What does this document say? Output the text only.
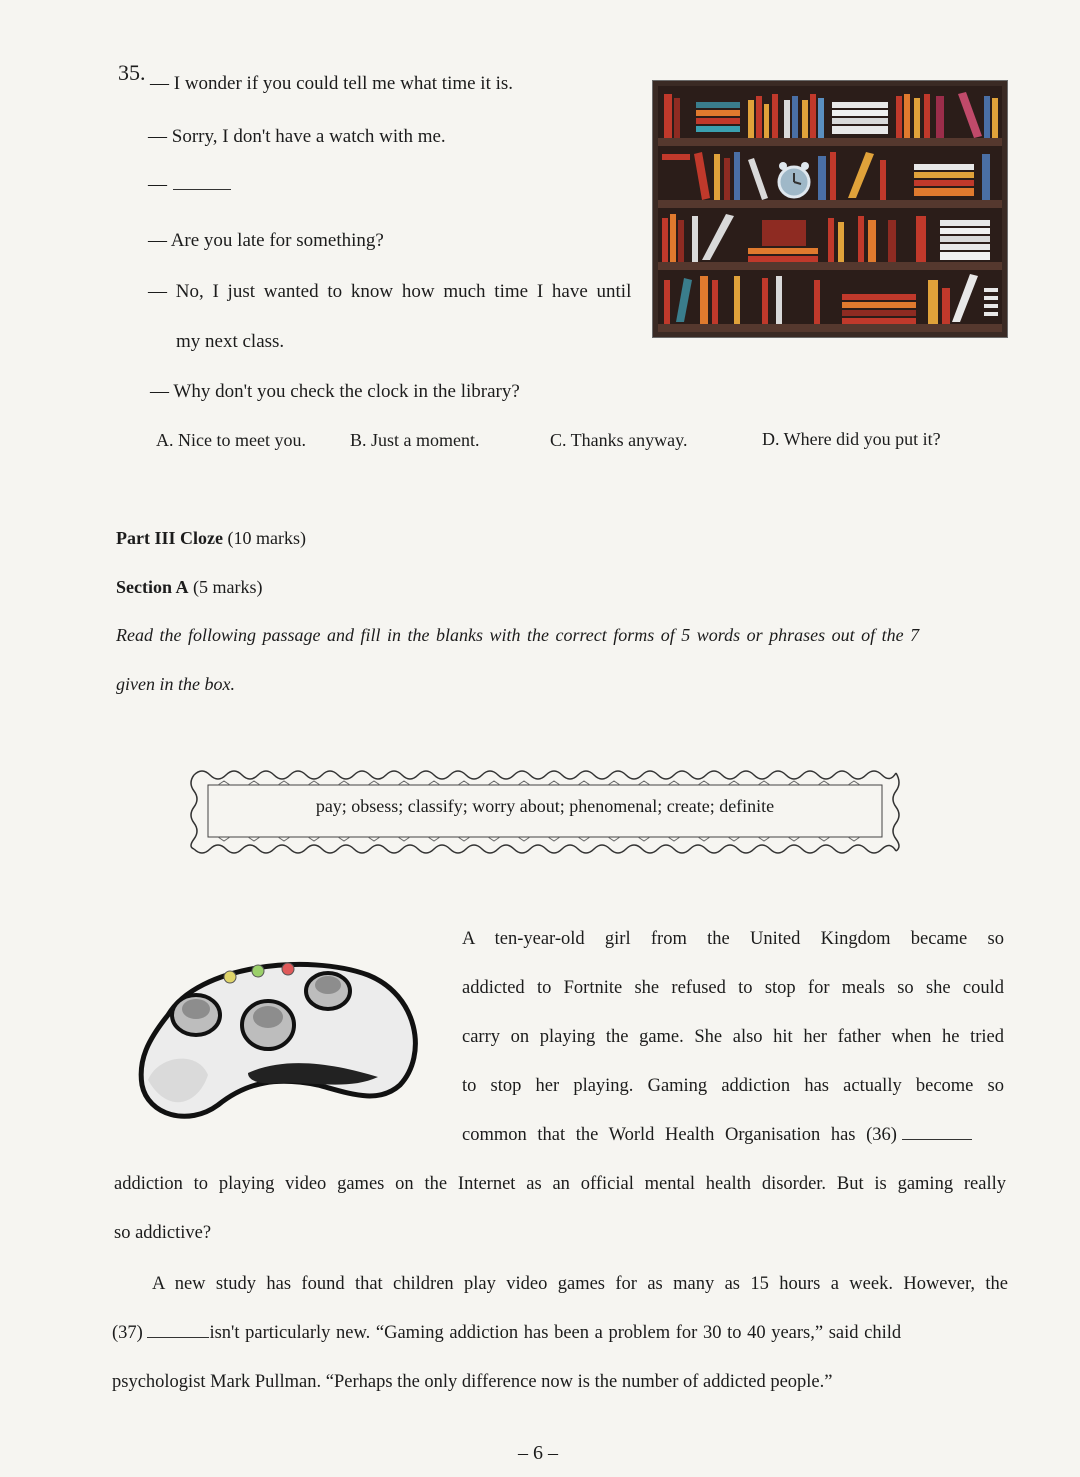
35. — I wonder if you could tell me what time it is.
— Sorry, I don't have a watch with me.
—
— Are you late for something?
— No, I just wanted to know how much time I have until
my next class.
— Why don't you check the clock in the library?
A. Nice to meet you. B. Just a moment.	C. Thanks anyway.	D. Where did you put it?
Part III Cloze (10 marks)
Section A (5 marks)
Read the following passage and fill in the blanks with the correct forms of 5 words or phrases out of the 7
given in the box.
pay; obsess; classify; worry about; phenomenal; create; definite
A ten-year-old girl from the United Kingdom became so
addicted to Fortnite she refused to stop for meals so she could
carry on playing the game. She also hit her father when he tried
to stop her playing. Gaming addiction has actually become so
common that the World Health Organisation has (36)
addiction to playing video games on the Internet as an official mental health disorder. But is gaming really
so addictive?
A new study has found that children play video games for as many as 15 hours a week. However, the
(37)	isn't particularly new. “Gaming addiction has been a problem for 30 to 40 years,” said child
psychologist Mark Pullman. “Perhaps the only difference now is the number of addicted people.”
– 6 –
